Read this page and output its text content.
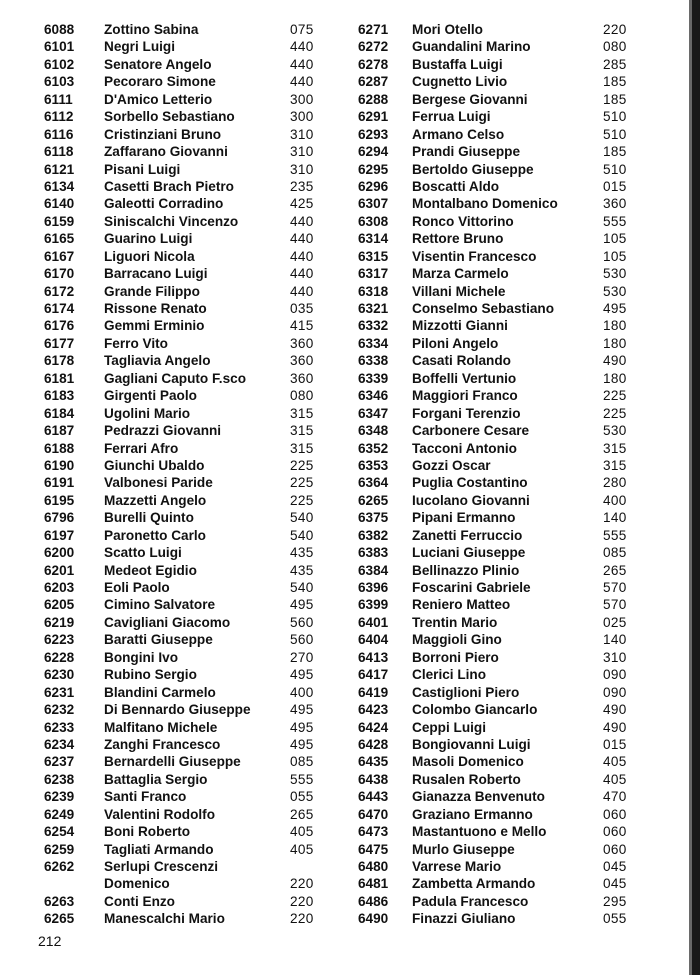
6088 Zottino Sabina	075
6101 Negri Luigi	440
6102 Senatore Angelo	440
6103 Pecoraro Simone	440
6111 D'Amico Letterio	300
6112 Sorbello Sebastiano	300
6116 Cristinziani Bruno	310
6118 Zaffarano Giovanni	310
6121 Pisani Luigi	310
6134 Casetti Brach Pietro	235
6140 Galeotti Corradino	425
6159 Siniscalchi Vincenzo	440
6165 Guarino Luigi	440
6167 Liguori Nicola	440
6170 Barracano Luigi	440
6172 Grande Filippo	440
6174 Rissone Renato	035
6176 Gemmi Erminio	415
6177 Ferro Vito	360
6178 Tagliavia Angelo	360
6181 Gagliani Caputo F.sco	360
6183 Girgenti Paolo	080
6184 Ugolini Mario	315
6187 Pedrazzi Giovanni	315
6188 Ferrari Afro	315
6190 Giunchi Ubaldo	225
6191 Valbonesi Paride	225
6195 Mazzetti Angelo	225
6796 Burelli Quinto	540
6197 Paronetto Carlo	540
6200 Scatto Luigi	435
6201 Medeot Egidio	435
6203 Eoli Paolo	540
6205 Cimino Salvatore	495
6219 Cavigliani Giacomo	560
6223 Baratti Giuseppe	560
6228 Bongini Ivo	270
6230 Rubino Sergio	495
6231 Blandini Carmelo	400
6232 Di Bennardo Giuseppe	495
6233 Malfitano Michele	495
6234 Zanghi Francesco	495
6237 Bernardelli Giuseppe	085
6238 Battaglia Sergio	555
6239 Santi Franco	055
6249 Valentini Rodolfo	265
6254 Boni Roberto	405
6259 Tagliati Armando	405
6262 Serlupi Crescenzi
Domenico	220
6263 Conti Enzo	220
6265 Manescalchi Mario	220
6271 Mori Otello	220
6272 Guandalini Marino	080
6278 Bustaffa Luigi	285
6287 Cugnetto Livio	185
6288 Bergese Giovanni	185
6291 Ferrua Luigi	510
6293 Armano Celso	510
6294 Prandi Giuseppe	185
6295 Bertoldo Giuseppe	510
6296 Boscatti Aldo	015
6307 Montalbano Domenico	360
6308 Ronco Vittorino	555
6314 Rettore Bruno	105
6315 Visentin Francesco	105
6317 Marza Carmelo	530
6318 Villani Michele	530
6321 Conselmo Sebastiano	495
6332 Mizzotti Gianni	180
6334 Piloni Angelo	180
6338 Casati Rolando	490
6339 Boffelli Vertunio	180
6346 Maggiori Franco	225
6347 Forgani Terenzio	225
6348 Carbonere Cesare	530
6352 Tacconi Antonio	315
6353 Gozzi Oscar	315
6364 Puglia Costantino	280
6265 Iucolano Giovanni	400
6375 Pipani Ermanno	140
6382 Zanetti Ferruccio	555
6383 Luciani Giuseppe	085
6384 Bellinazzo Plinio	265
6396 Foscarini Gabriele	570
6399 Reniero Matteo	570
6401 Trentin Mario	025
6404 Maggioli Gino	140
6413 Borroni Piero	310
6417 Clerici Lino	090
6419 Castiglioni Piero	090
6423 Colombo Giancarlo	490
6424 Ceppi Luigi	490
6428 Bongiovanni Luigi	015
6435 Masoli Domenico	405
6438 Rusalen Roberto	405
6443 Gianazza Benvenuto	470
6470 Graziano Ermanno	060
6473 Mastantuono e Mello	060
6475 Murlo Giuseppe	060
6480 Varrese Mario	045
6481 Zambetta Armando	045
6486 Padula Francesco	295
6490 Finazzi Giuliano	055
212
